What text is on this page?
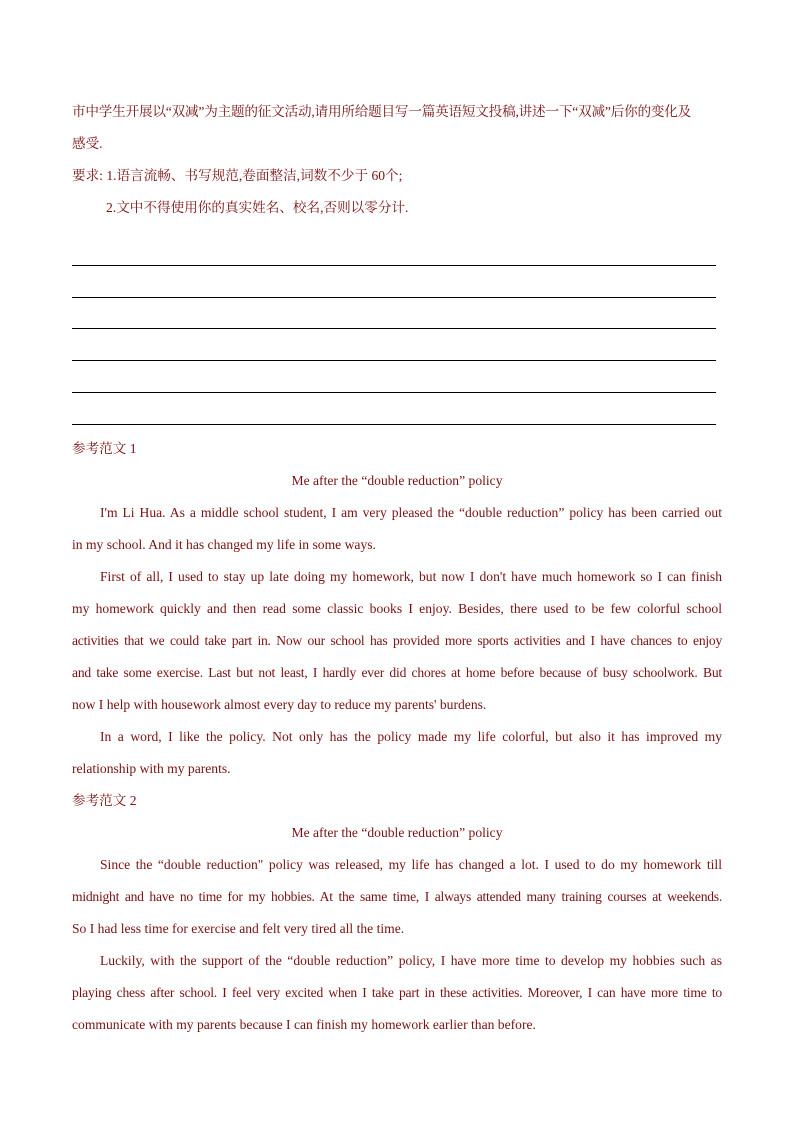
市中学生开展以“双减”为主题的征文活动,请用所给题目写一篇英语短文投稿,讲述一下“双减”后你的变化及
感受.
要求: 1.语言流畅、书写规范,卷面整洁,词数不少于 60个;
2.文中不得使用你的真实姓名、校名,否则以零分计.
参考范文 1
Me after the “double reduction” policy
I'm Li Hua. As a middle school student, I am very pleased the “double reduction” policy has been carried out
in my school. And it has changed my life in some ways.
First of all, I used to stay up late doing my homework, but now I don't have much homework so I can finish
my homework quickly and then read some classic books I enjoy. Besides, there used to be few colorful school
activities that we could take part in. Now our school has provided more sports activities and I have chances to enjoy
and take some exercise. Last but not least, I hardly ever did chores at home before because of busy schoolwork. But
now I help with housework almost every day to reduce my parents' burdens.
In a word, I like the policy. Not only has the policy made my life colorful, but also it has improved my
relationship with my parents.
参考范文 2
Me after the “double reduction” policy
Since the “double reduction" policy was released, my life has changed a lot. I used to do my homework till
midnight and have no time for my hobbies. At the same time, I always attended many training courses at weekends.
So I had less time for exercise and felt very tired all the time.
Luckily, with the support of the “double reduction” policy, I have more time to develop my hobbies such as
playing chess after school. I feel very excited when I take part in these activities. Moreover, I can have more time to
communicate with my parents because I can finish my homework earlier than before.
